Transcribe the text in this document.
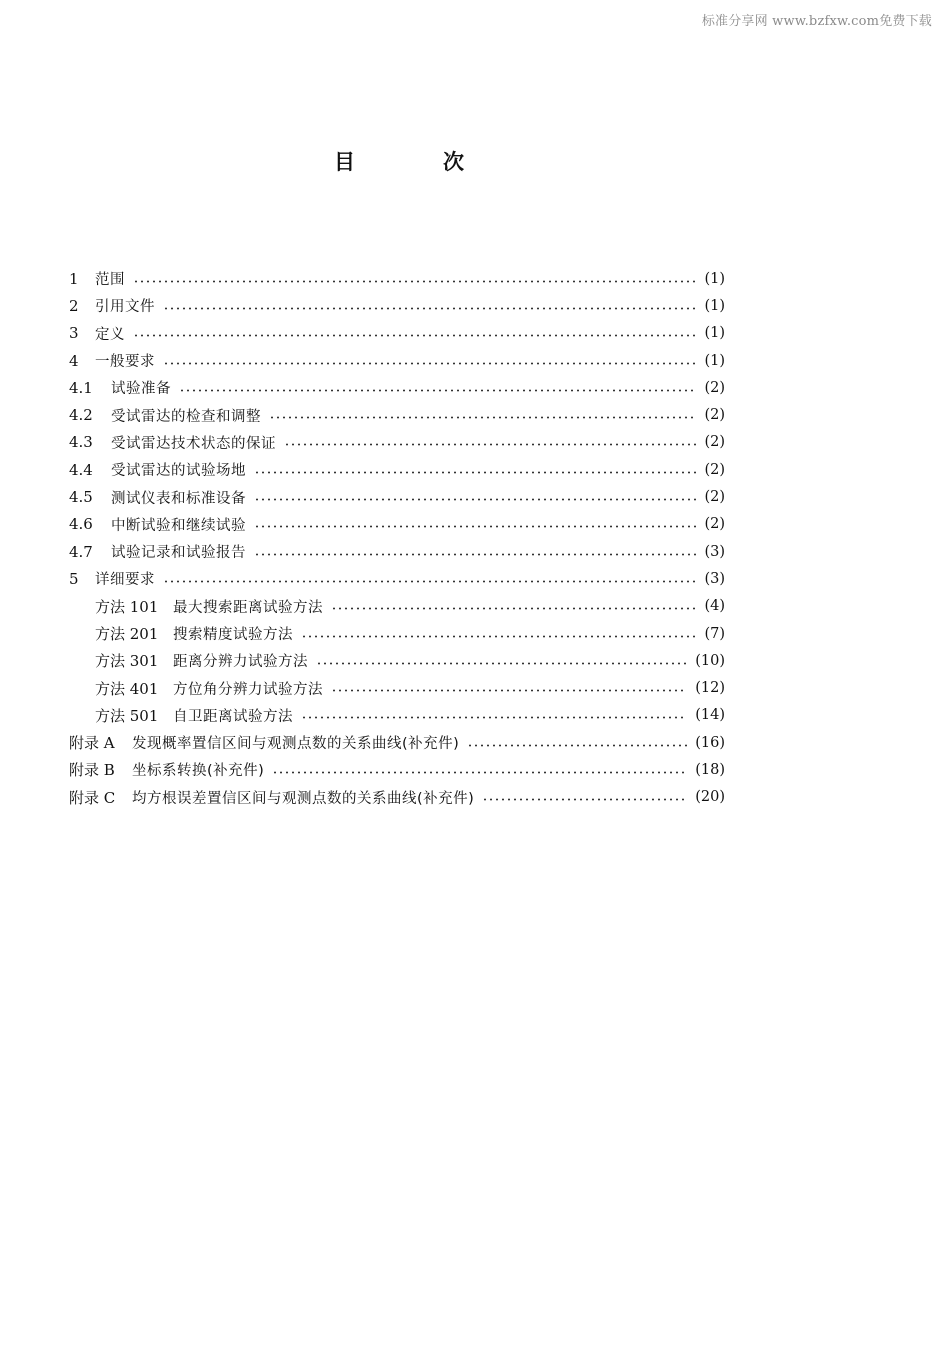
标准分享网 www.bzfxw.com免费下载
目	次
1	范围	(1)
2	引用文件	(1)
3	定义	(1)
4	一般要求	(1)
4.1	试验准备	(2)
4.2	受试雷达的检查和调整	(2)
4.3	受试雷达技术状态的保证	(2)
4.4	受试雷达的试验场地	(2)
4.5	测试仪表和标准设备	(2)
4.6	中断试验和继续试验	(2)
4.7	试验记录和试验报告	(3)
5	详细要求	(3)
方法 101	最大搜索距离试验方法	(4)
方法 201	搜索精度试验方法	(7)
方法 301	距离分辨力试验方法	(10)
方法 401	方位角分辨力试验方法	(12)
方法 501	自卫距离试验方法	(14)
附录 A	发现概率置信区间与观测点数的关系曲线(补充件)	(16)
附录 B	坐标系转换(补充件)	(18)
附录 C	均方根误差置信区间与观测点数的关系曲线(补充件)	(20)
